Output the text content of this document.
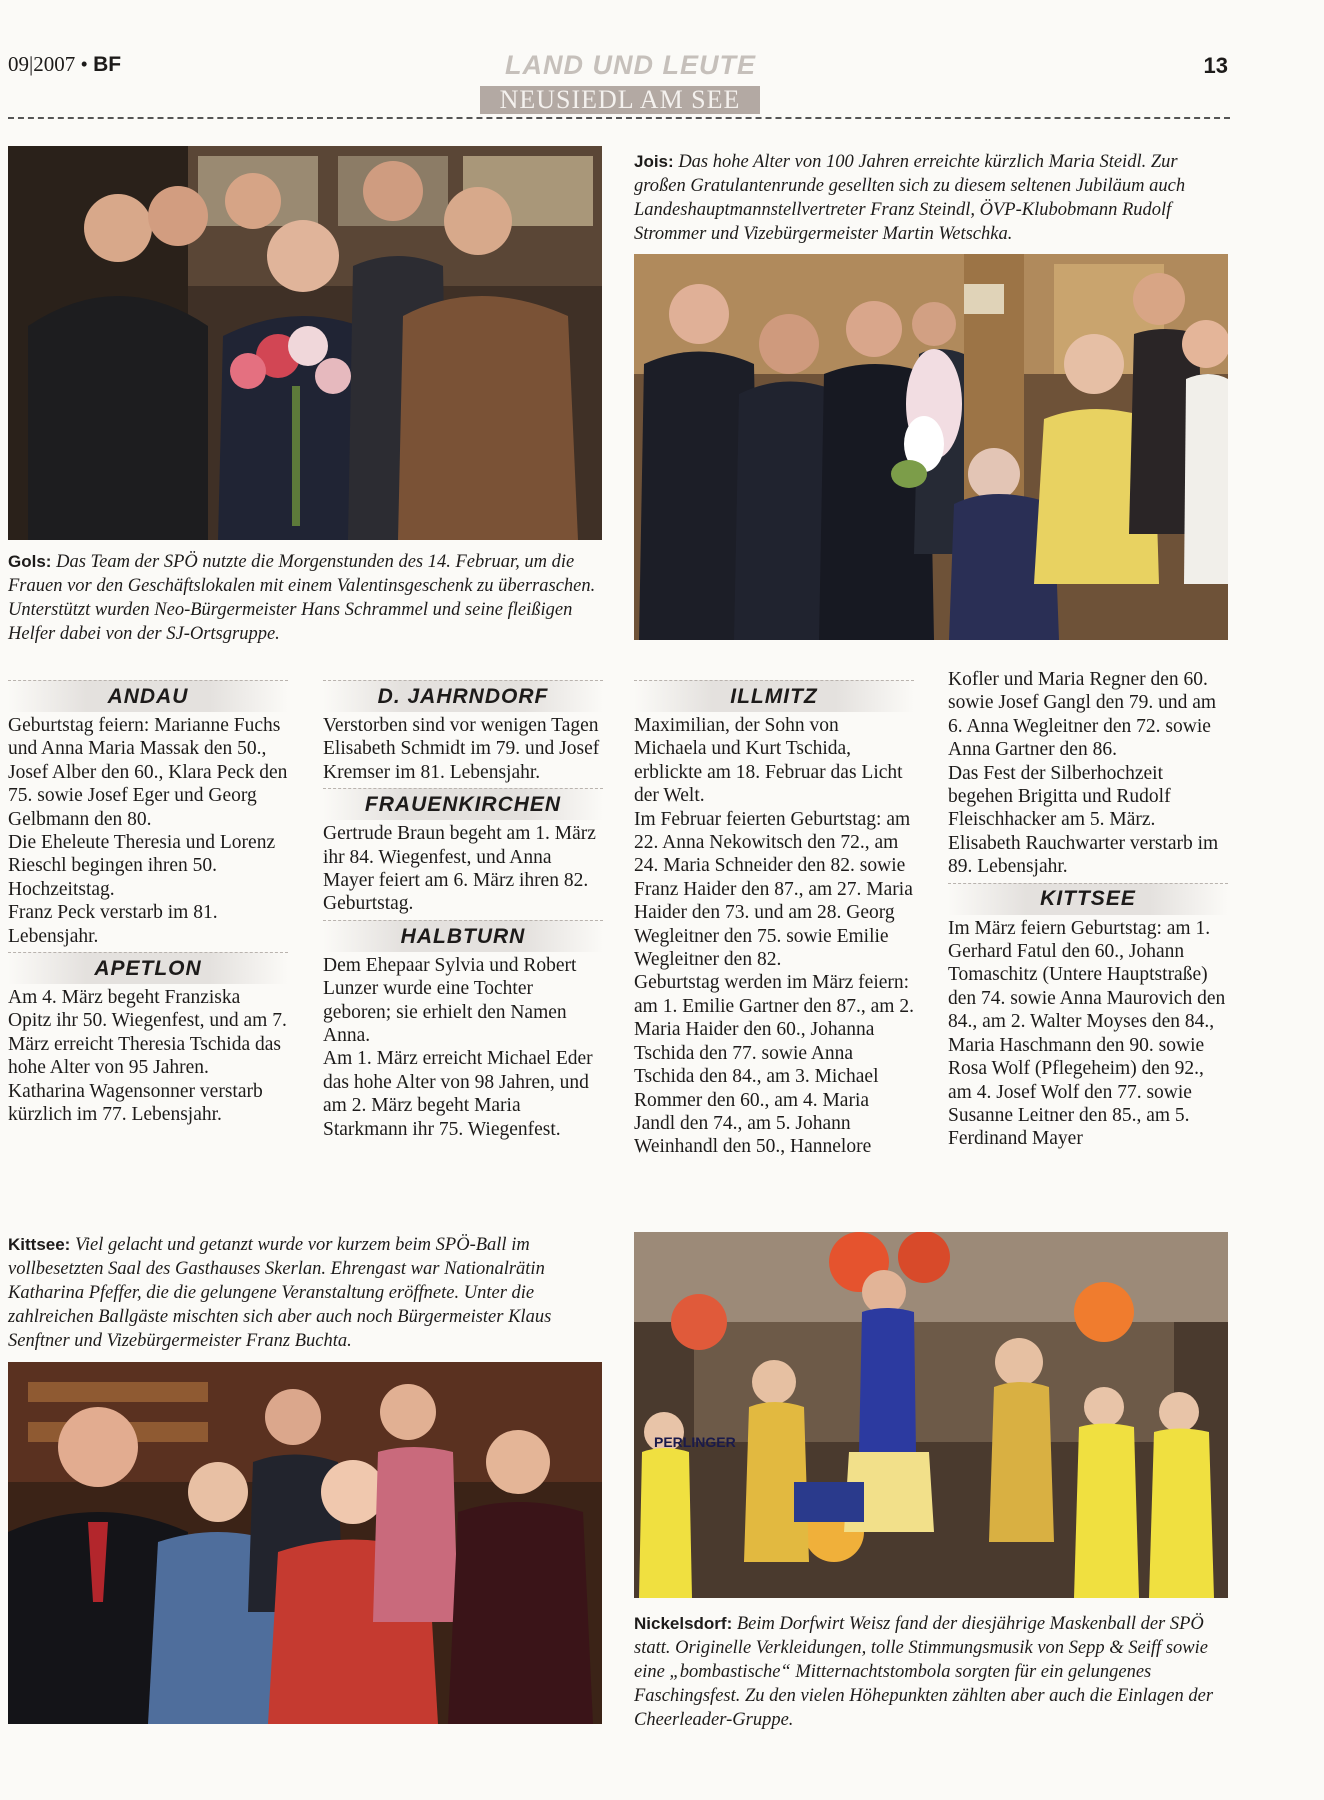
09|2007 • BF	LAND UND LEUTE
NEUSIEDL AM SEE
13

Gols: Das Team der SPÖ nutzte die Morgenstunden des 14. Februar, um die Frauen vor den Geschäftslokalen mit einem Valentinsgeschenk zu überraschen. Unterstützt wurden Neo-Bürgermeister Hans Schrammel und seine fleißigen Helfer dabei von der SJ-Ortsgruppe.

Jois: Das hohe Alter von 100 Jahren erreichte kürzlich Maria Steidl. Zur großen Gratulantenrunde gesellten sich zu diesem seltenen Jubiläum auch Landeshauptmannstellvertreter Franz Steindl, ÖVP-Klubobmann Rudolf Strommer und Vizebürgermeister Martin Wetschka.

ANDAU

Geburtstag feiern: Marianne Fuchs und Anna Maria Massak den 50., Josef Alber den 60., Klara Peck den 75. sowie Josef Eger und Georg Gelbmann den 80.

Die Eheleute Theresia und Lorenz Rieschl begingen ihren 50. Hochzeitstag.

Franz Peck verstarb im 81. Lebensjahr.

APETLON

Am 4. März begeht Franziska Opitz ihr 50. Wiegenfest, und am 7. März erreicht Theresia Tschida das hohe Alter von 95 Jahren.

Katharina Wagensonner verstarb kürzlich im 77. Lebensjahr.

D. JAHRNDORF

Verstorben sind vor wenigen Tagen Elisabeth Schmidt im 79. und Josef Kremser im 81. Lebensjahr.

FRAUENKIRCHEN

Gertrude Braun begeht am 1. März ihr 84. Wiegenfest, und Anna Mayer feiert am 6. März ihren 82. Geburtstag.

HALBTURN

Dem Ehepaar Sylvia und Robert Lunzer wurde eine Tochter geboren; sie erhielt den Namen Anna.

Am 1. März erreicht Michael Eder das hohe Alter von 98 Jahren, und am 2. März begeht Maria Starkmann ihr 75. Wiegenfest.

ILLMITZ

Maximilian, der Sohn von Michaela und Kurt Tschida, erblickte am 18. Februar das Licht der Welt.

Im Februar feierten Geburtstag: am 22. Anna Nekowitsch den 72., am 24. Maria Schneider den 82. sowie Franz Haider den 87., am 27. Maria Haider den 73. und am 28. Georg Wegleitner den 75. sowie Emilie Wegleitner den 82.

Geburtstag werden im März feiern: am 1. Emilie Gartner den 87., am 2. Maria Haider den 60., Johanna Tschida den 77. sowie Anna Tschida den 84., am 3. Michael Rommer den 60., am 4. Maria Jandl den 74., am 5. Johann Weinhandl den 50., Hannelore

Kofler und Maria Regner den 60. sowie Josef Gangl den 79. und am 6. Anna Wegleitner den 72. sowie Anna Gartner den 86.

Das Fest der Silberhochzeit begehen Brigitta und Rudolf Fleischhacker am 5. März.

Elisabeth Rauchwarter verstarb im 89. Lebensjahr.

KITTSEE

Im März feiern Geburtstag: am 1. Gerhard Fatul den 60., Johann Tomaschitz (Untere Hauptstraße) den 74. sowie Anna Maurovich den 84., am 2. Walter Moyses den 84., Maria Haschmann den 90. sowie Rosa Wolf (Pflegeheim) den 92., am 4. Josef Wolf den 77. sowie Susanne Leitner den 85., am 5. Ferdinand Mayer

Kittsee: Viel gelacht und getanzt wurde vor kurzem beim SPÖ-Ball im vollbesetzten Saal des Gasthauses Skerlan. Ehrengast war Nationalrätin Katharina Pfeffer, die die gelungene Veranstaltung eröffnete. Unter die zahlreichen Ballgäste mischten sich aber auch noch Bürgermeister Klaus Senftner und Vizebürgermeister Franz Buchta.

PERLINGER

Nickelsdorf: Beim Dorfwirt Weisz fand der diesjährige Maskenball der SPÖ statt. Originelle Verkleidungen, tolle Stimmungsmusik von Sepp & Seiff sowie eine „bombastische“ Mitternachtstombola sorgten für ein gelungenes Faschingsfest. Zu den vielen Höhepunkten zählten aber auch die Einlagen der Cheerleader-Gruppe.
